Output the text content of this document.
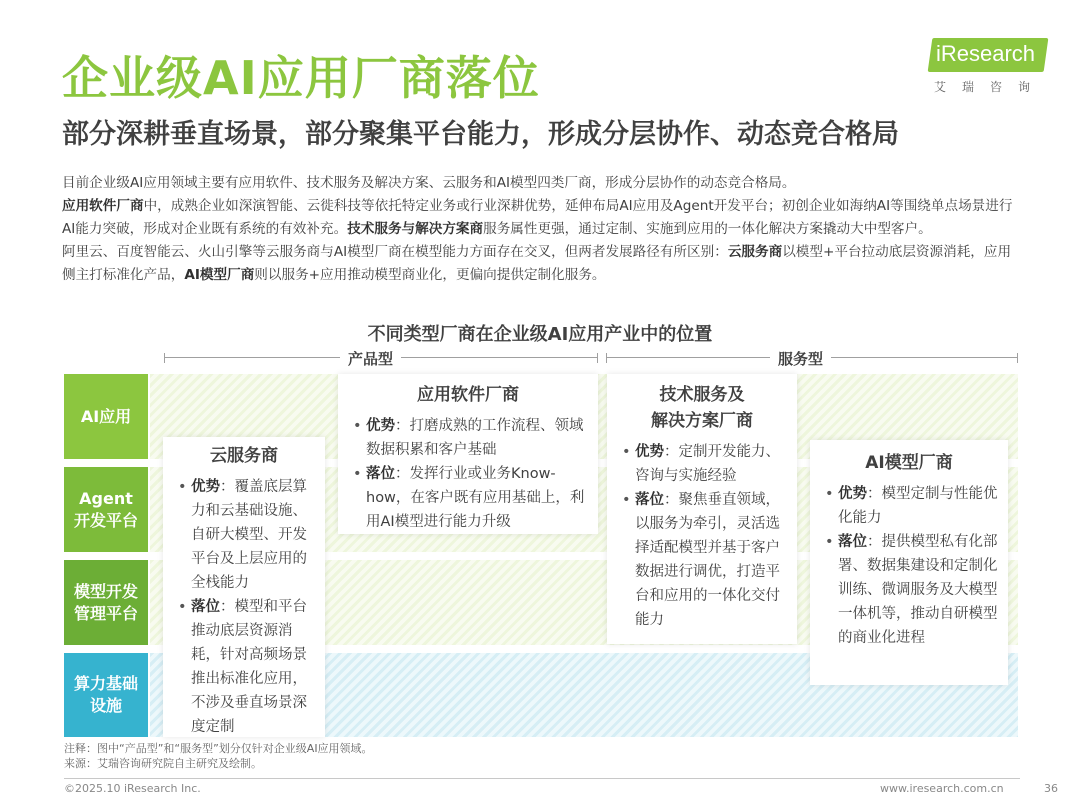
企业级AI应用厂商落位
部分深耕垂直场景，部分聚集平台能力，形成分层协作、动态竞合格局
iResearch
艾瑞咨询

目前企业级AI应用领域主要有应用软件、技术服务及解决方案、云服务和AI模型四类厂商，形成分层协作的动态竞合格局。

应用软件厂商中，成熟企业如深演智能、云徙科技等依托特定业务或行业深耕优势，延伸布局AI应用及Agent开发平台；初创企业如海纳AI等围绕单点场景进行AI能力突破，形成对企业既有系统的有效补充。技术服务与解决方案商服务属性更强，通过定制、实施到应用的一体化解决方案撬动大中型客户。

阿里云、百度智能云、火山引擎等云服务商与AI模型厂商在模型能力方面存在交叉，但两者发展路径有所区别：云服务商以模型+平台拉动底层资源消耗，应用侧主打标准化产品，AI模型厂商则以服务+应用推动模型商业化，更偏向提供定制化服务。

不同类型厂商在企业级AI应用产业中的位置
产品型	服务型
AI应用
Agent
开发平台
模型开发
管理平台
算力基础
设施
云服务商
• 优势：覆盖底层算力和云基础设施、自研大模型、开发平台及上层应用的全栈能力
• 落位：模型和平台推动底层资源消耗，针对高频场景推出标准化应用，不涉及垂直场景深度定制
应用软件厂商
• 优势：打磨成熟的工作流程、领域数据积累和客户基础
• 落位：发挥行业或业务Know-how，在客户既有应用基础上，利用AI模型进行能力升级
技术服务及
解决方案厂商
• 优势：定制开发能力、咨询与实施经验
• 落位：聚焦垂直领域，以服务为牵引，灵活选择适配模型并基于客户数据进行调优，打造平台和应用的一体化交付能力
AI模型厂商
• 优势：模型定制与性能优化能力
• 落位：提供模型私有化部署、数据集建设和定制化训练、微调服务及大模型一体机等，推动自研模型的商业化进程
注释：图中“产品型”和“服务型”划分仅针对企业级AI应用领域。
来源：艾瑞咨询研究院自主研究及绘制。
©2025.10 iResearch Inc.	www.iresearch.com.cn	36
